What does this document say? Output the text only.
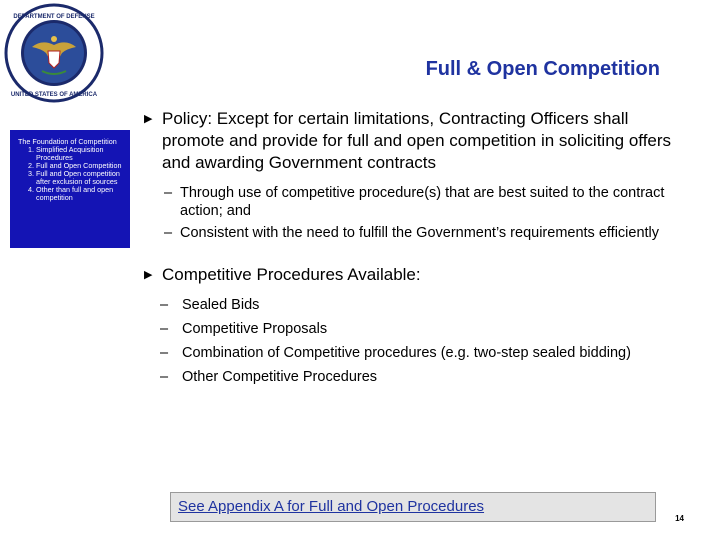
DEPARTMENT OF DEFENSE
UNITED STATES OF AMERICA
Full & Open Competition
The Foundation of Competition
1. Simplified Acquisition Procedures
2. Full and Open Competition
3. Full and Open competition after exclusion of sources
4. Other than full and open competition
▶ Policy: Except for certain limitations, Contracting Officers shall promote and provide for full and open competition in soliciting offers and awarding Government contracts
– Through use of competitive procedure(s) that are best suited to the contract action; and
– Consistent with the need to fulfill the Government’s requirements efficiently
▶ Competitive Procedures Available:
– Sealed Bids
– Competitive Proposals
– Combination of Competitive procedures (e.g. two-step sealed bidding)
– Other Competitive Procedures
See Appendix A for Full and Open Procedures
14
